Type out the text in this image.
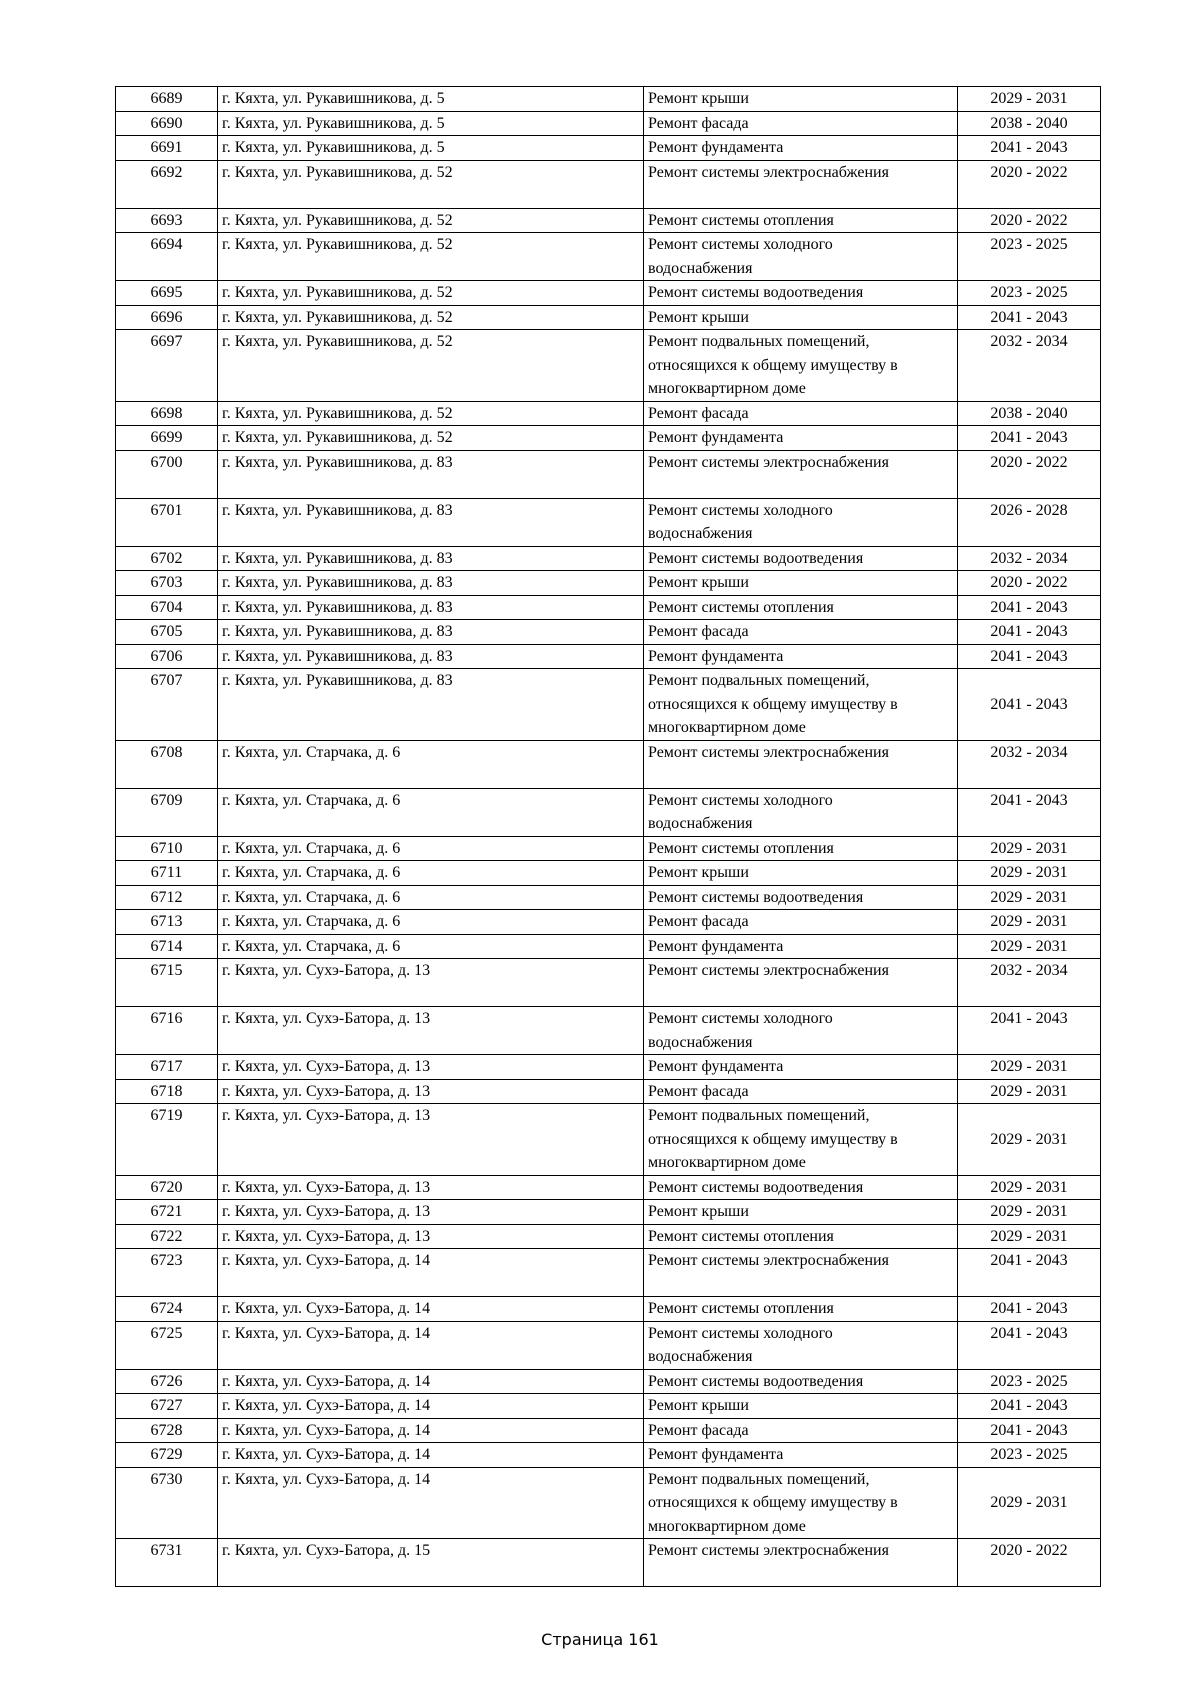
6689	г. Кяхта, ул. Рукавишникова, д. 5	Ремонт крыши	2029 - 2031
6690	г. Кяхта, ул. Рукавишникова, д. 5	Ремонт фасада	2038 - 2040
6691	г. Кяхта, ул. Рукавишникова, д. 5	Ремонт фундамента	2041 - 2043
6692	г. Кяхта, ул. Рукавишникова, д. 52	Ремонт системы электроснабжения	2020 - 2022
6693	г. Кяхта, ул. Рукавишникова, д. 52	Ремонт системы отопления	2020 - 2022
6694	г. Кяхта, ул. Рукавишникова, д. 52	Ремонт системы холодного
водоснабжения	2023 - 2025
6695	г. Кяхта, ул. Рукавишникова, д. 52	Ремонт системы водоотведения	2023 - 2025
6696	г. Кяхта, ул. Рукавишникова, д. 52	Ремонт крыши	2041 - 2043
6697	г. Кяхта, ул. Рукавишникова, д. 52	Ремонт подвальных помещений,
относящихся к общему имуществу в
многоквартирном доме	2032 - 2034
6698	г. Кяхта, ул. Рукавишникова, д. 52	Ремонт фасада	2038 - 2040
6699	г. Кяхта, ул. Рукавишникова, д. 52	Ремонт фундамента	2041 - 2043
6700	г. Кяхта, ул. Рукавишникова, д. 83	Ремонт системы электроснабжения	2020 - 2022
6701	г. Кяхта, ул. Рукавишникова, д. 83	Ремонт системы холодного
водоснабжения	2026 - 2028
6702	г. Кяхта, ул. Рукавишникова, д. 83	Ремонт системы водоотведения	2032 - 2034
6703	г. Кяхта, ул. Рукавишникова, д. 83	Ремонт крыши	2020 - 2022
6704	г. Кяхта, ул. Рукавишникова, д. 83	Ремонт системы отопления	2041 - 2043
6705	г. Кяхта, ул. Рукавишникова, д. 83	Ремонт фасада	2041 - 2043
6706	г. Кяхта, ул. Рукавишникова, д. 83	Ремонт фундамента	2041 - 2043
6707	г. Кяхта, ул. Рукавишникова, д. 83	Ремонт подвальных помещений,
относящихся к общему имуществу в
многоквартирном доме	2041 - 2043
6708	г. Кяхта, ул. Старчака, д. 6	Ремонт системы электроснабжения	2032 - 2034
6709	г. Кяхта, ул. Старчака, д. 6	Ремонт системы холодного
водоснабжения	2041 - 2043
6710	г. Кяхта, ул. Старчака, д. 6	Ремонт системы отопления	2029 - 2031
6711	г. Кяхта, ул. Старчака, д. 6	Ремонт крыши	2029 - 2031
6712	г. Кяхта, ул. Старчака, д. 6	Ремонт системы водоотведения	2029 - 2031
6713	г. Кяхта, ул. Старчака, д. 6	Ремонт фасада	2029 - 2031
6714	г. Кяхта, ул. Старчака, д. 6	Ремонт фундамента	2029 - 2031
6715	г. Кяхта, ул. Сухэ-Батора, д. 13	Ремонт системы электроснабжения	2032 - 2034
6716	г. Кяхта, ул. Сухэ-Батора, д. 13	Ремонт системы холодного
водоснабжения	2041 - 2043
6717	г. Кяхта, ул. Сухэ-Батора, д. 13	Ремонт фундамента	2029 - 2031
6718	г. Кяхта, ул. Сухэ-Батора, д. 13	Ремонт фасада	2029 - 2031
6719	г. Кяхта, ул. Сухэ-Батора, д. 13	Ремонт подвальных помещений,
относящихся к общему имуществу в
многоквартирном доме	2029 - 2031
6720	г. Кяхта, ул. Сухэ-Батора, д. 13	Ремонт системы водоотведения	2029 - 2031
6721	г. Кяхта, ул. Сухэ-Батора, д. 13	Ремонт крыши	2029 - 2031
6722	г. Кяхта, ул. Сухэ-Батора, д. 13	Ремонт системы отопления	2029 - 2031
6723	г. Кяхта, ул. Сухэ-Батора, д. 14	Ремонт системы электроснабжения	2041 - 2043
6724	г. Кяхта, ул. Сухэ-Батора, д. 14	Ремонт системы отопления	2041 - 2043
6725	г. Кяхта, ул. Сухэ-Батора, д. 14	Ремонт системы холодного
водоснабжения	2041 - 2043
6726	г. Кяхта, ул. Сухэ-Батора, д. 14	Ремонт системы водоотведения	2023 - 2025
6727	г. Кяхта, ул. Сухэ-Батора, д. 14	Ремонт крыши	2041 - 2043
6728	г. Кяхта, ул. Сухэ-Батора, д. 14	Ремонт фасада	2041 - 2043
6729	г. Кяхта, ул. Сухэ-Батора, д. 14	Ремонт фундамента	2023 - 2025
6730	г. Кяхта, ул. Сухэ-Батора, д. 14	Ремонт подвальных помещений,
относящихся к общему имуществу в
многоквартирном доме	2029 - 2031
6731	г. Кяхта, ул. Сухэ-Батора, д. 15	Ремонт системы электроснабжения	2020 - 2022
Страница 161
